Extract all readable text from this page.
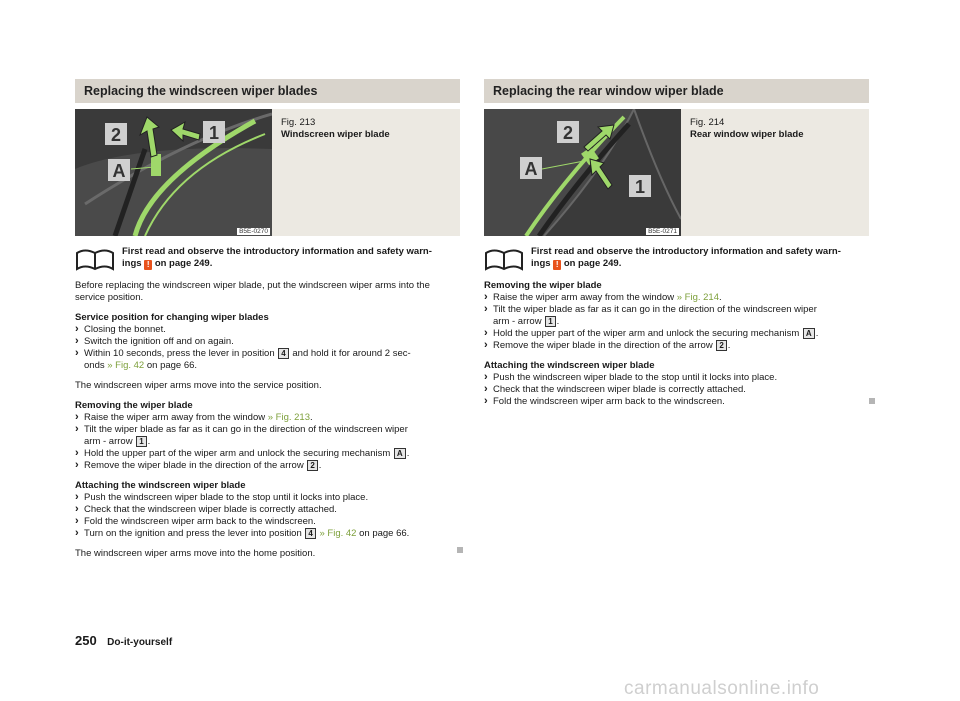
Replacing the windscreen wiper blades
2	1
A
B5E-0270
Fig. 213
Windscreen wiper blade
First read and observe the introductory information and safety warn-
ings ! on page 249.

Before replacing the windscreen wiper blade, put the windscreen wiper arms into the service position.

Service position for changing wiper blades

› Closing the bonnet.

› Switch the ignition off and on again.

› Within 10 seconds, press the lever in position 4 and hold it for around 2 sec-
onds » Fig. 42 on page 66.

The windscreen wiper arms move into the service position.

Removing the wiper blade

› Raise the wiper arm away from the window » Fig. 213.

› Tilt the wiper blade as far as it can go in the direction of the windscreen wiper
arm - arrow 1 .

› Hold the upper part of the wiper arm and unlock the securing mechanism A .

› Remove the wiper blade in the direction of the arrow 2 .

Attaching the windscreen wiper blade

› Push the windscreen wiper blade to the stop until it locks into place.

› Check that the windscreen wiper blade is correctly attached.

› Fold the windscreen wiper arm back to the windscreen.

› Turn on the ignition and press the lever into position 4 » Fig. 42 on page 66.

The windscreen wiper arms move into the home position.

Replacing the rear window wiper blade
2
A
1
B5E-0271
Fig. 214
Rear window wiper blade
First read and observe the introductory information and safety warn-
ings ! on page 249.

Removing the wiper blade

› Raise the wiper arm away from the window » Fig. 214.

› Tilt the wiper blade as far as it can go in the direction of the windscreen wiper
arm - arrow 1 .

› Hold the upper part of the wiper arm and unlock the securing mechanism A .

› Remove the wiper blade in the direction of the arrow 2 .

Attaching the windscreen wiper blade

› Push the windscreen wiper blade to the stop until it locks into place.

› Check that the windscreen wiper blade is correctly attached.

› Fold the windscreen wiper arm back to the windscreen.

250 Do-it-yourself
carmanualsonline.info
